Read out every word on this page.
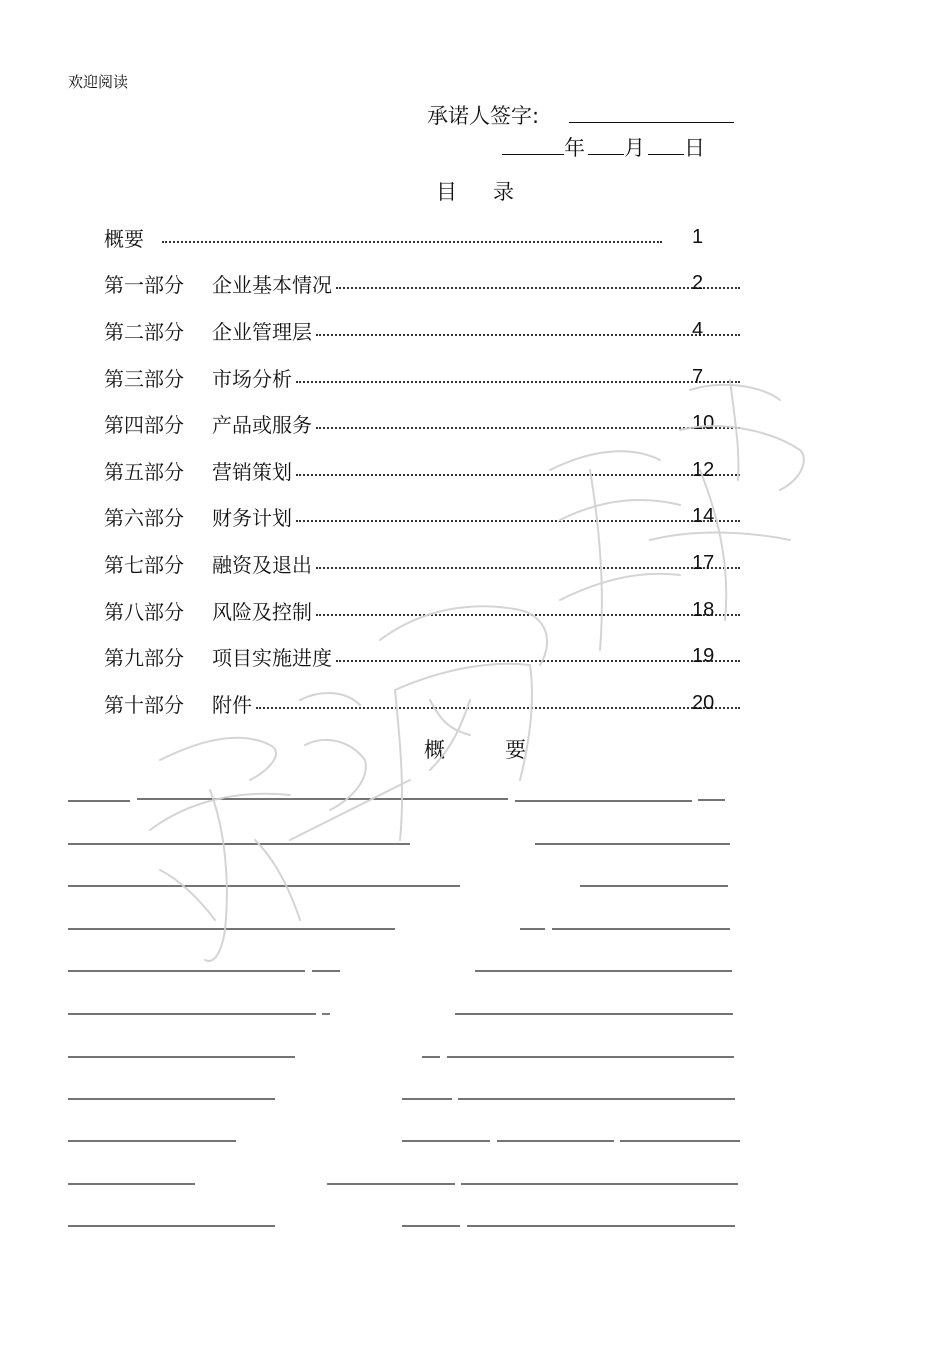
欢迎阅读
承诺人签字:
年 月 日
目录
概要	1
第一部分	企业基本情况	2
第二部分	企业管理层	4
第三部分	市场分析	7
第四部分	产品或服务	10
第五部分	营销策划	12
第六部分	财务计划	14
第七部分	融资及退出	17
第八部分	风险及控制	18
第九部分	项目实施进度	19
第十部分	附件	20
概要
